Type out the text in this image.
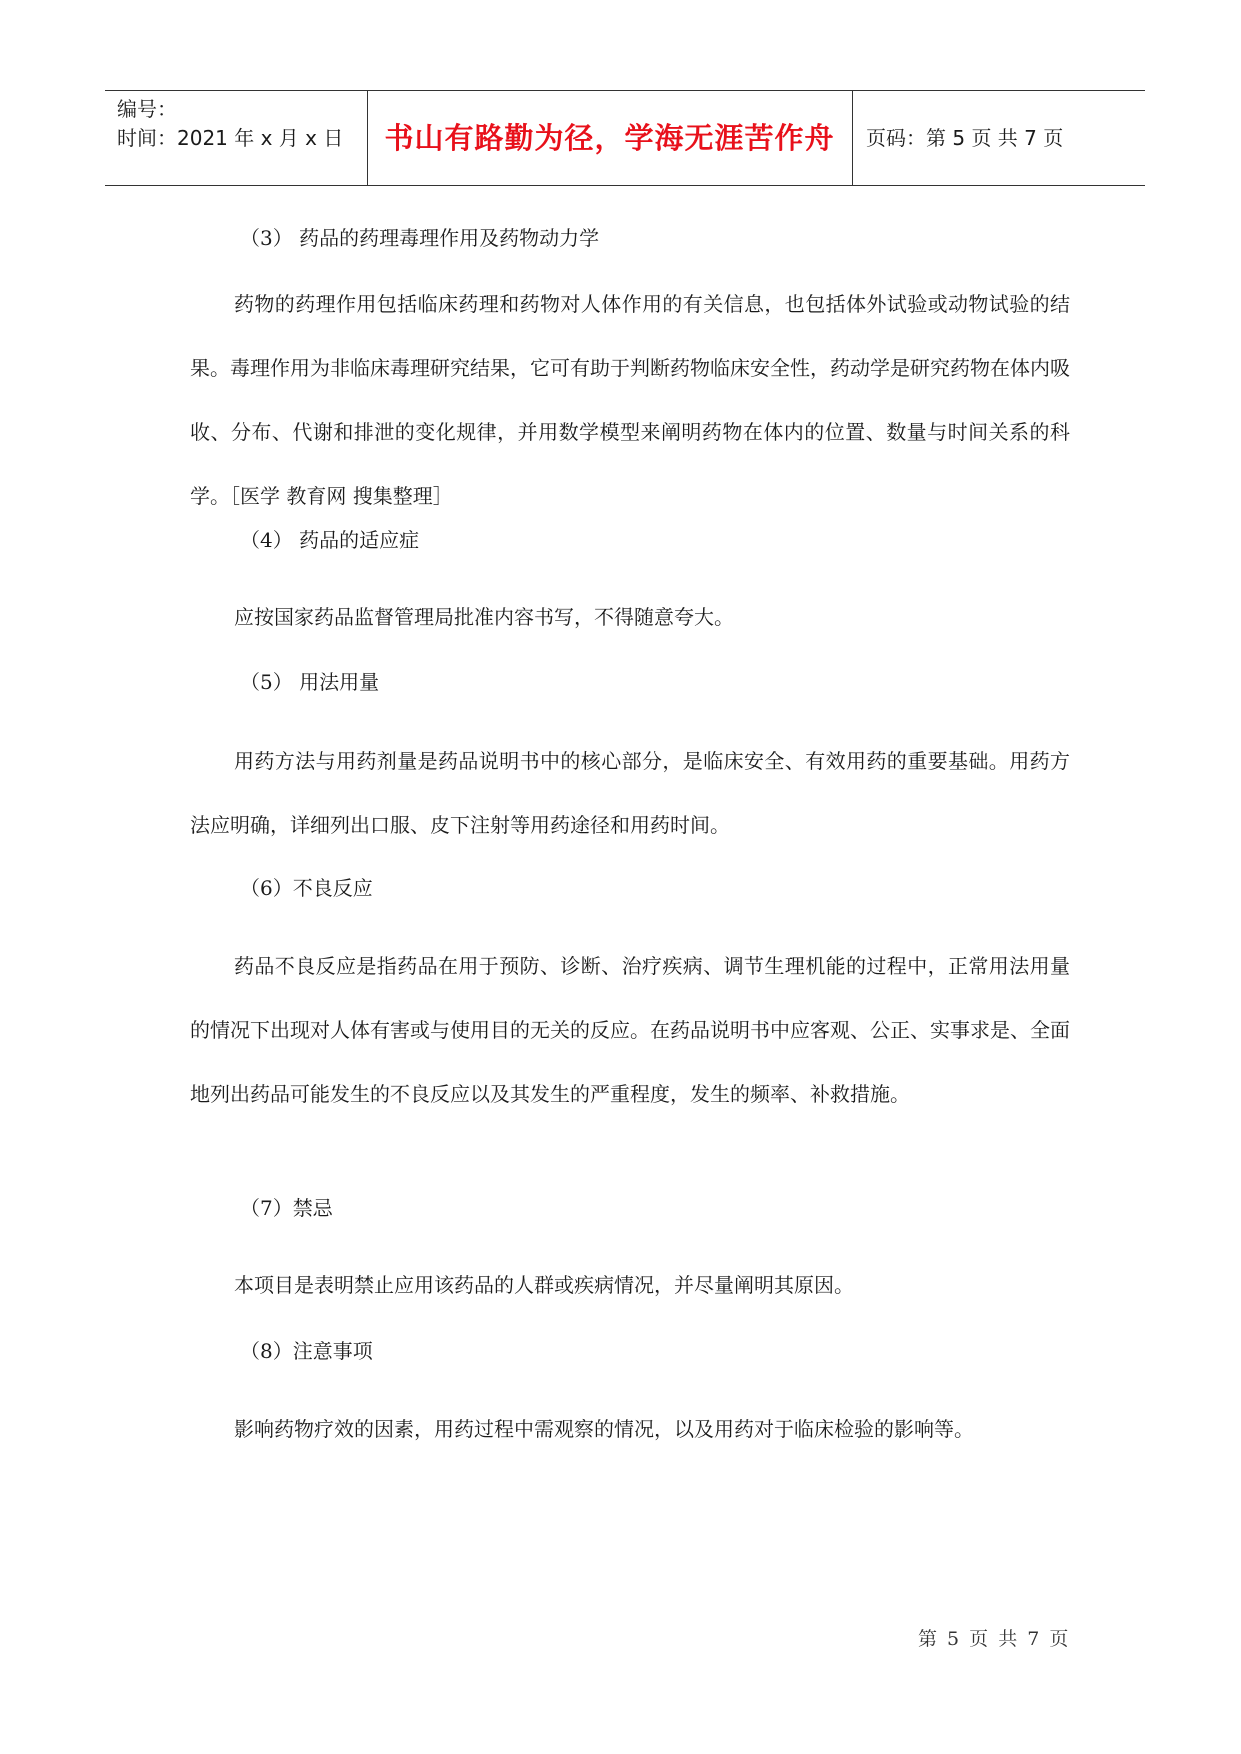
编号：
时间：2021 年 x 月 x 日	书山有路勤为径，学海无涯苦作舟	页码：第 5 页 共 7 页
（3） 药品的药理毒理作用及药物动力学
药物的药理作用包括临床药理和药物对人体作用的有关信息，也包括体外试验或动物试验的结果。毒理作用为非临床毒理研究结果，它可有助于判断药物临床安全性，药动学是研究药物在体内吸收、分布、代谢和排泄的变化规律，并用数学模型来阐明药物在体内的位置、数量与时间关系的科学。［医学 教育网 搜集整理］
（4） 药品的适应症
应按国家药品监督管理局批准内容书写，不得随意夸大。
（5） 用法用量
用药方法与用药剂量是药品说明书中的核心部分，是临床安全、有效用药的重要基础。用药方法应明确，详细列出口服、皮下注射等用药途径和用药时间。
（6）不良反应
药品不良反应是指药品在用于预防、诊断、治疗疾病、调节生理机能的过程中，正常用法用量的情况下出现对人体有害或与使用目的无关的反应。在药品说明书中应客观、公正、实事求是、全面地列出药品可能发生的不良反应以及其发生的严重程度，发生的频率、补救措施。
（7）禁忌
本项目是表明禁止应用该药品的人群或疾病情况，并尽量阐明其原因。
（8）注意事项
影响药物疗效的因素，用药过程中需观察的情况，以及用药对于临床检验的影响等。
第 5 页 共 7 页
